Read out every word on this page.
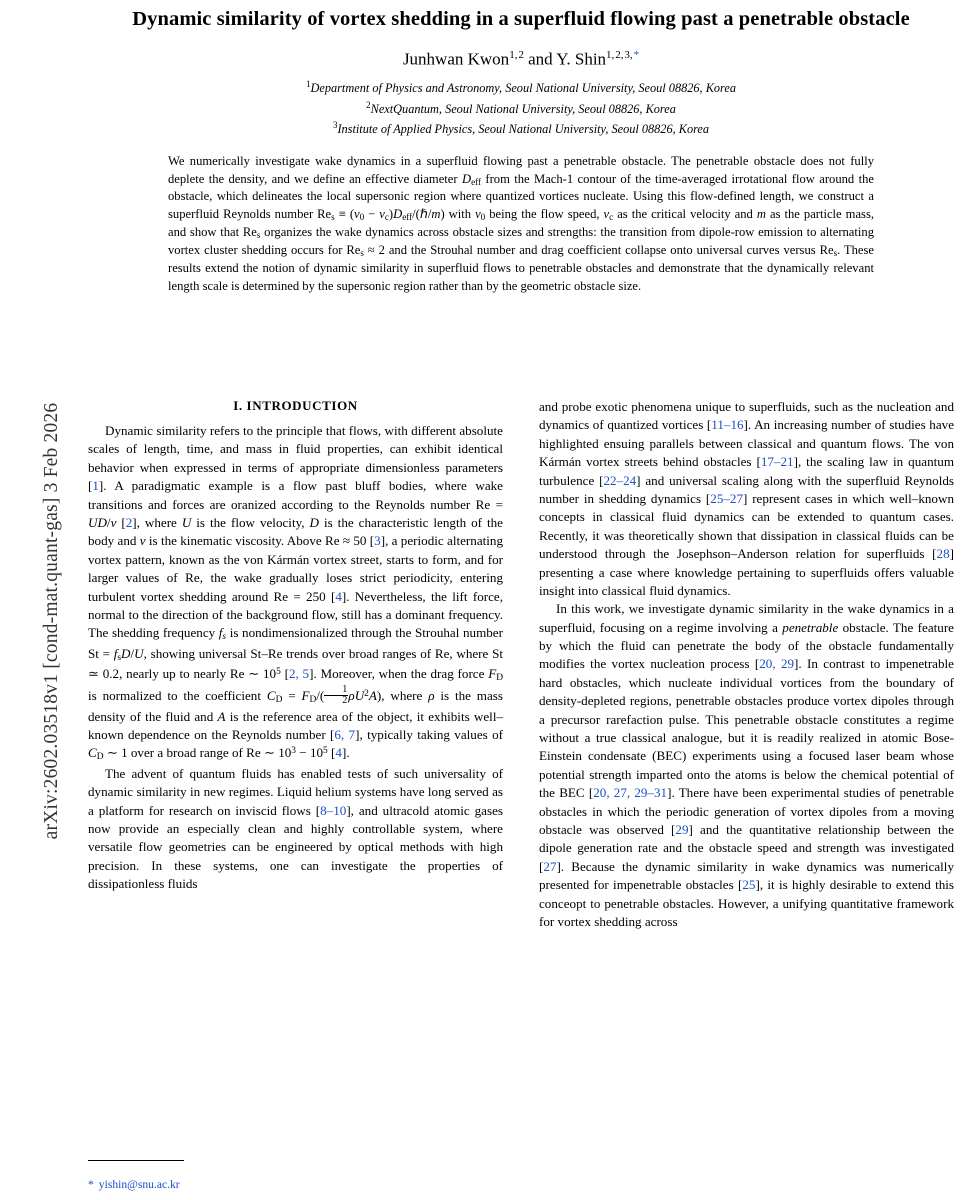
arXiv:2602.03518v1 [cond-mat.quant-gas] 3 Feb 2026
Dynamic similarity of vortex shedding in a superfluid flowing past a penetrable obstacle
Junhwan Kwon$^{1, 2}$ and Y. Shin$^{1, 2, 3, *}$
$^1$Department of Physics and Astronomy, Seoul National University, Seoul 08826, Korea
$^2$NextQuantum, Seoul National University, Seoul 08826, Korea
$^3$Institute of Applied Physics, Seoul National University, Seoul 08826, Korea
We numerically investigate wake dynamics in a superfluid flowing past a penetrable obstacle. The penetrable obstacle does not fully deplete the density, and we define an effective diameter $D_{eff}$ from the Mach-1 contour of the time-averaged irrotational flow around the obstacle, which delineates the local supersonic region where quantized vortices nucleate. Using this flow-defined length, we construct a superfluid Reynolds number $Re_s \equiv (v_0$ − $v_c)D_{eff}/(\hbar/m)$ with $v_0$ being the flow speed, $v_c$ as the critical velocity and m as the particle mass, and show that $Re_s$ organizes the wake dynamics across obstacle sizes and strengths: the transition from dipole-row emission to alternating vortex cluster shedding occurs for $Re_s \approx 2$ and the Strouhal number and drag coefficient collapse onto universal curves versus $Re_s$. These results extend the notion of dynamic similarity in superfluid flows to penetrable obstacles and demonstrate that the dynamically relevant length scale is determined by the supersonic region rather than by the geometric obstacle size.
I. INTRODUCTION

Dynamic similarity refers to the principle that flows, with different absolute scales of length, time, and mass in fluid properties, can exhibit identical behavior when expressed in terms of appropriate dimensionless parameters [1]. A paradigmatic example is a flow past bluff bodies, where wake transitions and forces are oranized according to the Reynolds number Re = UD/ν [2], where U is the flow velocity, D is the characteristic length of the body and ν is the kinematic viscosity. Above Re ≈ 50 [3], a periodic alternating vortex pattern, known as the von Kármán vortex street, starts to form, and for larger values of Re, the wake gradually loses strict periodicity, entering turbulent vortex shedding around Re = 250 [4]. Nevertheless, the lift force, normal to the direction of the background flow, still has a dominant frequency. The shedding frequency $f_s$ is nondimensionalized through the Strouhal number $St = f_sD/U$, showing universal St–Re trends over broad ranges of Re, where St ≃ 0.2, nearly up to nearly Re ∼ $10^5$ [2, 5]. Moreover, when the drag force $F_D$ is normalized to the coefficient $C_D = F_D/( \frac{1}{2} \rho U^2A)$, where ρ is the mass density of the fluid and A is the reference area of the object, it exhibits well–known dependence on the Reynolds number [6, 7], typically taking values of $C_D$ ∼ 1 over a broad range of Re ∼ $10^3 - 10^5$ [4].

The advent of quantum fluids has enabled tests of such universality of dynamic similarity in new regimes. Liquid helium systems have long served as a platform for research on inviscid flows [8–10], and ultracold atomic gases now provide an especially clean and highly controllable system, where versatile flow geometries can be engineered by optical methods with high precision. In these systems, one can investigate the properties of dissipationless fluids

and probe exotic phenomena unique to superfluids, such as the nucleation and dynamics of quantized vortices [11–16]. An increasing number of studies have highlighted ensuing parallels between classical and quantum flows. The von Kármán vortex streets behind obstacles [17–21], the scaling law in quantum turbulence [22–24] and universal scaling along with the superfluid Reynolds number in shedding dynamics [25–27] represent cases in which well–known concepts in classical fluid dynamics can be extended to quantum cases. Recently, it was theoretically shown that dissipation in classical fluids can be understood through the Josephson–Anderson relation for superfluids [28] presenting a case where knowledge pertaining to superfluids offers valuable insight into classical fluid dynamics.

In this work, we investigate dynamic similarity in the wake dynamics in a superfluid, focusing on a regime involving a penetrable obstacle. The feature by which the fluid can penetrate the body of the obstacle fundamentally modifies the vortex nucleation process [20, 29]. In contrast to impenetrable hard obstacles, which nucleate individual vortices from the boundary of density-depleted regions, penetrable obstacles produce vortex dipoles through a precursor rarefaction pulse. This penetrable obstacle constitutes a regime without a true classical analogue, but it is readily realized in atomic Bose-Einstein condensate (BEC) experiments using a focused laser beam whose potential strength imparted onto the atoms is below the chemical potential of the BEC [20, 27, 29–31]. There have been experimental studies of penetrable obstacles in which the periodic generation of vortex dipoles from a moving obstacle was observed [29] and the quantitative relationship between the dipole generation rate and the obstacle speed and strength was investigated [27]. Because the dynamic similarity in wake dynamics was numerically presented for impenetrable obstacles [25], it is highly desirable to extend this conceopt to penetrable obstacles. However, a unifying quantitative framework for vortex shedding across

* yishin@snu.ac.kr
